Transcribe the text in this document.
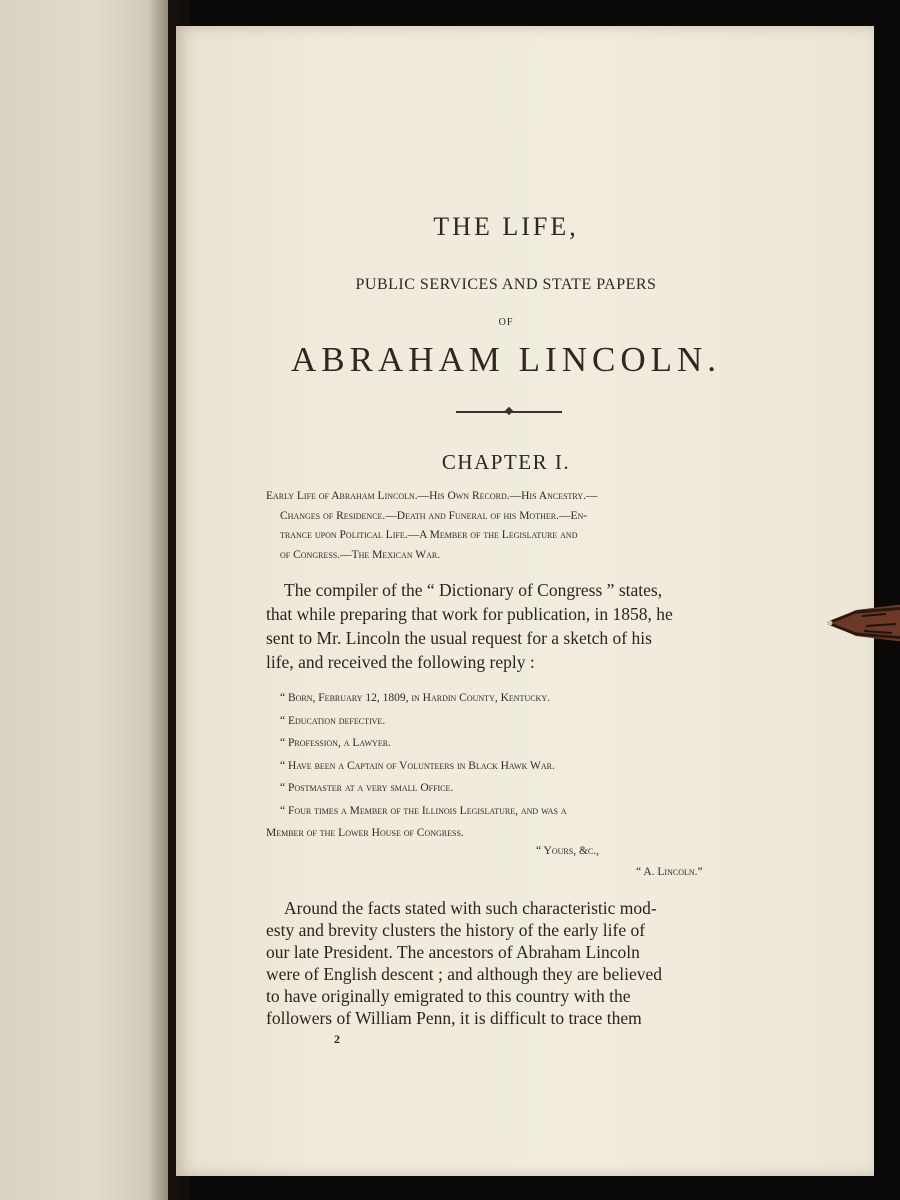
THE LIFE,
PUBLIC SERVICES AND STATE PAPERS
OF
ABRAHAM LINCOLN.
CHAPTER I.
Early Life of Abraham Lincoln.—His Own Record.—His Ancestry.—
Changes of Residence.—Death and Funeral of his Mother.—En-
trance upon Political Life.—A Member of the Legislature and
of Congress.—The Mexican War.
The compiler of the “ Dictionary of Congress ” states,
that while preparing that work for publication, in 1858, he
sent to Mr. Lincoln the usual request for a sketch of his
life, and received the following reply :
“ Born, February 12, 1809, in Hardin County, Kentucky.
“ Education defective.
“ Profession, a Lawyer.
“ Have been a Captain of Volunteers in Black Hawk War.
“ Postmaster at a very small Office.
“ Four times a Member of the Illinois Legislature, and was a
Member of the Lower House of Congress.
“ Yours, &c.,
“ A. Lincoln.”
Around the facts stated with such characteristic mod-
esty and brevity clusters the history of the early life of
our late President. The ancestors of Abraham Lincoln
were of English descent ; and although they are believed
to have originally emigrated to this country with the
followers of William Penn, it is difficult to trace them
2
